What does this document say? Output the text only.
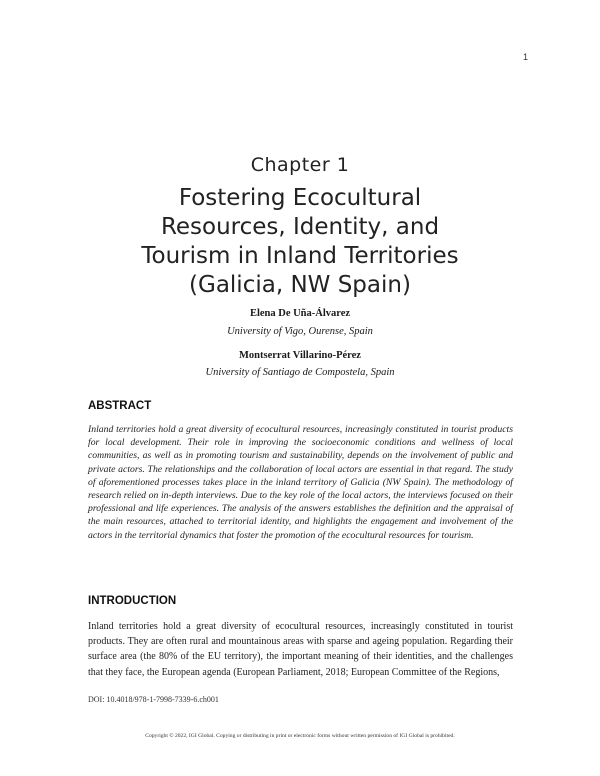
1
Chapter 1
Fostering Ecocultural
Resources, Identity, and
Tourism in Inland Territories
(Galicia, NW Spain)
Elena De Uña-Álvarez
University of Vigo, Ourense, Spain
Montserrat Villarino-Pérez
University of Santiago de Compostela, Spain
ABSTRACT
Inland territories hold a great diversity of ecocultural resources, increasingly constituted in tourist products for local development. Their role in improving the socioeconomic conditions and wellness of local communities, as well as in promoting tourism and sustainability, depends on the involvement of public and private actors. The relationships and the collaboration of local actors are essential in that regard. The study of aforementioned processes takes place in the inland territory of Galicia (NW Spain). The methodology of research relied on in-depth interviews. Due to the key role of the local actors, the interviews focused on their professional and life experiences. The analysis of the answers establishes the definition and the appraisal of the main resources, attached to territorial identity, and highlights the engagement and involvement of the actors in the territorial dynamics that foster the promotion of the ecocultural resources for tourism.
INTRODUCTION
Inland territories hold a great diversity of ecocultural resources, increasingly constituted in tourist products. They are often rural and mountainous areas with sparse and ageing population. Regarding their surface area (the 80% of the EU territory), the important meaning of their identities, and the challenges that they face, the European agenda (European Parliament, 2018; European Committee of the Regions,
DOI: 10.4018/978-1-7998-7339-6.ch001
Copyright © 2022, IGI Global. Copying or distributing in print or electronic forms without written permission of IGI Global is prohibited.
